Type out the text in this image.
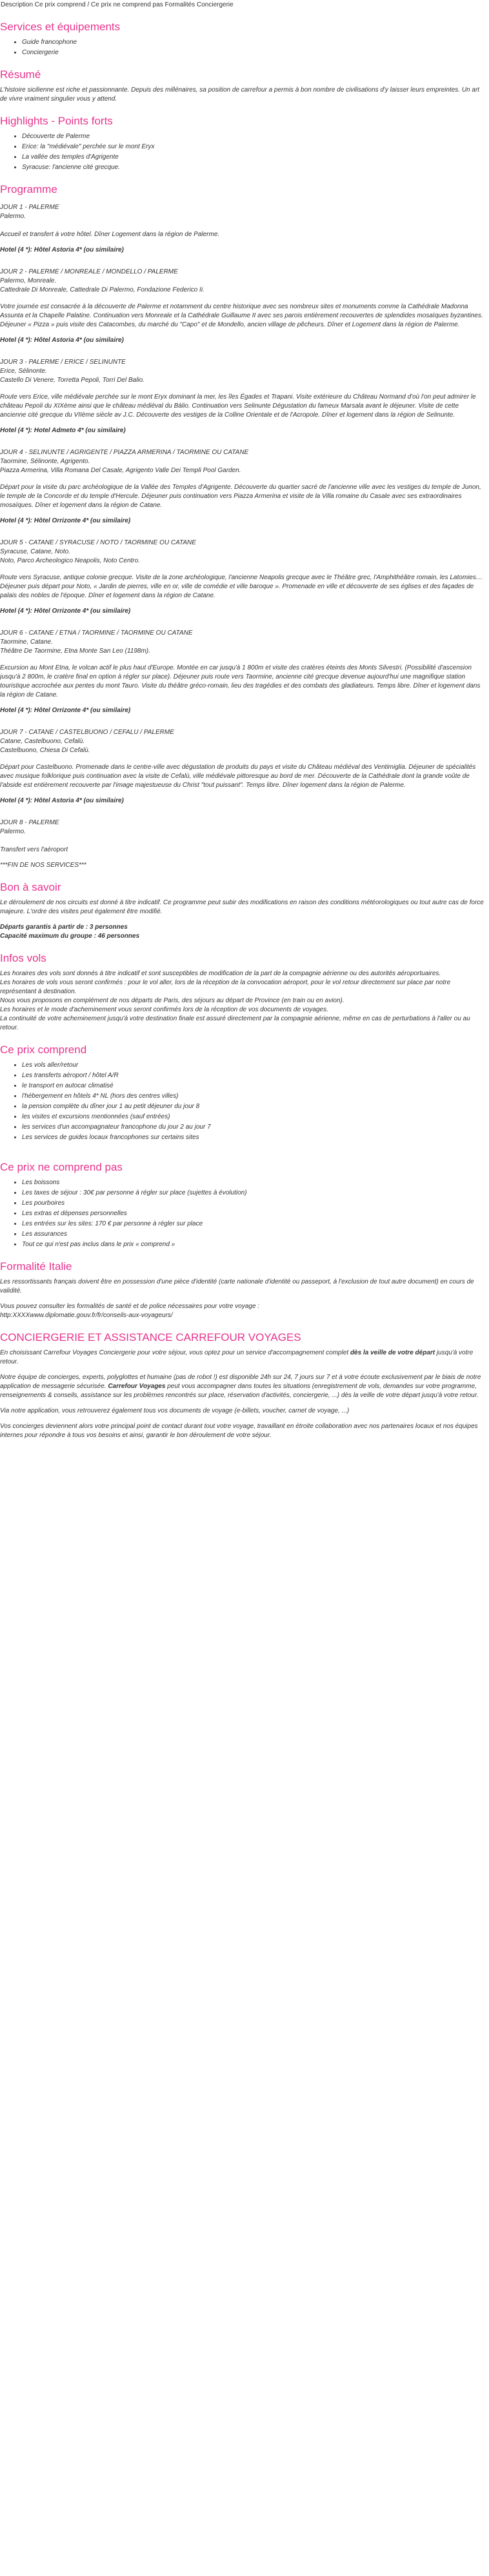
Description Ce prix comprend / Ce prix ne comprend pas Formalités Conciergerie
Services et équipements
• Guide francophone
• Conciergerie
Résumé

L'histoire sicilienne est riche et passionnante. Depuis des millénaires, sa position de carrefour a permis à bon nombre de civilisations d'y laisser leurs empreintes. Un art de vivre vraiment singulier vous y attend.

Highlights - Points forts
• Découverte de Palerme
• Erice: la "médiévale" perchée sur le mont Eryx
• La vallée des temples d'Agrigente
• Syracuse: l'ancienne cité grecque.
Programme
JOUR 1 - PALERME
Palermo.

Accueil et transfert à votre hôtel. Dîner Logement dans la région de Palerme.

Hotel (4 *): Hôtel Astoria 4* (ou similaire)
JOUR 2 - PALERME / MONREALE / MONDELLO / PALERME
Palermo, Monreale.
Cattedrale Di Monreale, Cattedrale Di Palermo, Fondazione Federico Ii.

Votre journée est consacrée à la découverte de Palerme et notamment du centre historique avec ses nombreux sites et monuments comme la Cathédrale Madonna Assunta et la Chapelle Palatine. Continuation vers Monreale et la Cathédrale Guillaume II avec ses parois entièrement recouvertes de splendides mosaïques byzantines. Déjeuner « Pizza » puis visite des Catacombes, du marché du "Capo" et de Mondello, ancien village de pêcheurs. Dîner et Logement dans la région de Palerme.

Hotel (4 *): Hôtel Astoria 4* (ou similaire)
JOUR 3 - PALERME / ERICE / SELINUNTE
Erice, Sélinonte.
Castello Di Venere, Torretta Pepoli, Torri Del Balio.

Route vers Erice, ville médiévale perchée sur le mont Eryx dominant la mer, les îles Égades et Trapani. Visite extérieure du Château Normand d'où l'on peut admirer le château Pepoli du XIXème ainsi que le château médiéval du Bàlio. Continuation vers Selinunte Dégustation du fameux Marsala avant le déjeuner. Visite de cette ancienne cité grecque du VIIème siècle av J.C. Découverte des vestiges de la Colline Orientale et de l'Acropole. Dîner et logement dans la région de Selinunte.

Hotel (4 *): Hotel Admeto 4* (ou similaire)
JOUR 4 - SELINUNTE / AGRIGENTE / PIAZZA ARMERINA / TAORMINE OU CATANE
Taormine, Sélinonte, Agrigento.
Piazza Armerina, Villa Romana Del Casale, Agrigento Valle Dei Templi Pool Garden.

Départ pour la visite du parc archéologique de la Vallée des Temples d'Agrigente. Découverte du quartier sacré de l'ancienne ville avec les vestiges du temple de Junon, le temple de la Concorde et du temple d'Hercule. Déjeuner puis continuation vers Piazza Armerina et visite de la Villa romaine du Casale avec ses extraordinaires mosaïques. Dîner et logement dans la région de Catane.

Hotel (4 *): Hôtel Orrizonte 4* (ou similaire)
JOUR 5 - CATANE / SYRACUSE / NOTO / TAORMINE OU CATANE
Syracuse, Catane, Noto.
Noto, Parco Archeologico Neapolis, Noto Centro.

Route vers Syracuse, antique colonie grecque. Visite de la zone archéologique, l'ancienne Neapolis grecque avec le Théâtre grec, l'Amphithéâtre romain, les Latomies… Déjeuner puis départ pour Noto, « Jardin de pierres, ville en or, ville de comédie et ville baroque ». Promenade en ville et découverte de ses églises et des façades de palais des nobles de l'époque. Dîner et logement dans la région de Catane.

Hotel (4 *): Hôtel Orrizonte 4* (ou similaire)
JOUR 6 - CATANE / ETNA / TAORMINE / TAORMINE OU CATANE
Taormine, Catane.
Théâtre De Taormine, Etna Monte San Leo (1198m).

Excursion au Mont Etna, le volcan actif le plus haut d'Europe. Montée en car jusqu'à 1 800m et visite des cratères éteints des Monts Silvestri. (Possibilité d'ascension jusqu'à 2 800m, le cratère final en option à régler sur place). Déjeuner puis route vers Taormine, ancienne cité grecque devenue aujourd'hui une magnifique station touristique accrochée aux pentes du mont Tauro. Visite du théâtre gréco-romain, lieu des tragédies et des combats des gladiateurs. Temps libre. Dîner et logement dans la région de Catane.

Hotel (4 *): Hôtel Orrizonte 4* (ou similaire)
JOUR 7 - CATANE / CASTELBUONO / CEFALU / PALERME
Catane, Castelbuono, Cefalù.
Castelbuono, Chiesa Di Cefalù.

Départ pour Castelbuono. Promenade dans le centre-ville avec dégustation de produits du pays et visite du Château médiéval des Ventimiglia. Déjeuner de spécialités avec musique folklorique puis continuation avec la visite de Cefalù, ville médiévale pittoresque au bord de mer. Découverte de la Cathédrale dont la grande voûte de l'abside est entièrement recouverte par l'image majestueuse du Christ "tout puissant". Temps libre. Dîner logement dans la région de Palerme.

Hotel (4 *): Hôtel Astoria 4* (ou similaire)
JOUR 8 - PALERME
Palermo.

Transfert vers l'aéroport

***FIN DE NOS SERVICES***

Bon à savoir

Le déroulement de nos circuits est donné à titre indicatif. Ce programme peut subir des modifications en raison des conditions météorologiques ou tout autre cas de force majeure. L'ordre des visites peut également être modifié.

Départs garantis à partir de : 3 personnes
Capacité maximum du groupe : 46 personnes
Infos vols
Les horaires des vols sont donnés à titre indicatif et sont susceptibles de modification de la part de la compagnie aérienne ou des autorités aéroportuaires.
Les horaires de vols vous seront confirmés : pour le vol aller, lors de la réception de la convocation aéroport, pour le vol retour directement sur place par notre représentant à destination.
Nous vous proposons en complément de nos départs de Paris, des séjours au départ de Province (en train ou en avion).
Les horaires et le mode d'acheminement vous seront confirmés lors de la réception de vos documents de voyages.
La continuité de votre acheminement jusqu'à votre destination finale est assuré directement par la compagnie aérienne, même en cas de perturbations à l'aller ou au retour.
Ce prix comprend
• Les vols aller/retour
• Les transferts aéroport / hôtel A/R
• le transport en autocar climatisé
• l'hébergement en hôtels 4* NL (hors des centres villes)
• la pension complète du dîner jour 1 au petit déjeuner du jour 8
• les visites et excursions mentionnées (sauf entrées)
• les services d'un accompagnateur francophone du jour 2 au jour 7
• Les services de guides locaux francophones sur certains sites
Ce prix ne comprend pas
• Les boissons
• Les taxes de séjour : 30€ par personne à régler sur place (sujettes à évolution)
• Les pourboires
• Les extras et dépenses personnelles
• Les entrées sur les sites: 170 € par personne à régler sur place
• Les assurances
• Tout ce qui n'est pas inclus dans le prix « comprend »
Formalité Italie

Les ressortissants français doivent être en possession d'une pièce d'identité (carte nationale d'identité ou passeport, à l'exclusion de tout autre document) en cours de validité.

Vous pouvez consulter les formalités de santé et de police nécessaires pour votre voyage :
http:XXXXwww.diplomatie.gouv.fr/fr/conseils-aux-voyageurs/
CONCIERGERIE ET ASSISTANCE CARREFOUR VOYAGES

En choisissant Carrefour Voyages Conciergerie pour votre séjour, vous optez pour un service d'accompagnement complet dès la veille de votre départ jusqu'à votre retour.

Notre équipe de concierges, experts, polyglottes et humaine (pas de robot !) est disponible 24h sur 24, 7 jours sur 7 et à votre écoute exclusivement par le biais de notre application de messagerie sécurisée. Carrefour Voyages peut vous accompagner dans toutes les situations (enregistrement de vols, demandes sur votre programme, renseignements & conseils, assistance sur les problèmes rencontrés sur place, réservation d'activités, conciergerie, ...) dès la veille de votre départ jusqu'à votre retour.

Via notre application, vous retrouverez également tous vos documents de voyage (e-billets, voucher, carnet de voyage, ...)

Vos concierges deviennent alors votre principal point de contact durant tout votre voyage, travaillant en étroite collaboration avec nos partenaires locaux et nos équipes internes pour répondre à tous vos besoins et ainsi, garantir le bon déroulement de votre séjour.
